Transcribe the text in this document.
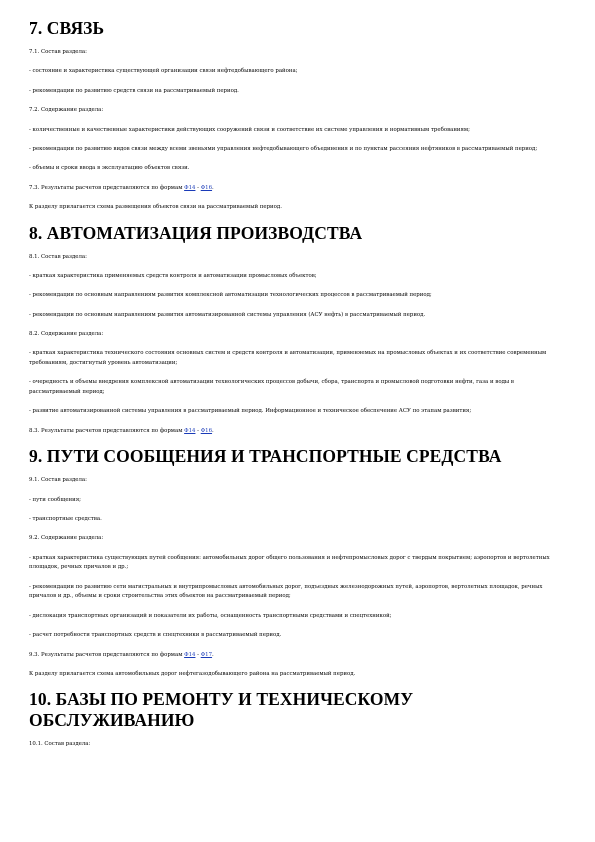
7. СВЯЗЬ
7.1. Состав раздела:
- состояние и характеристика существующей организации связи нефтедобывающего района;
- рекомендации по развитию средств связи на рассматриваемый период.
7.2. Содержание раздела:
- количественные и качественные характеристики действующих сооружений связи и соответствие их системе управления и нормативным требованиям;
- рекомендации по развитию видов связи между всеми звеньями управления нефтедобывающего объединения и по пунктам рассеяния нефтяников в рассматриваемый период;
- объемы и сроки ввода в эксплуатацию объектов связи.
7.3. Результаты расчетов представляются по формам Ф14 - Ф16.
К разделу прилагается схема размещения объектов связи на рассматриваемый период.
8. АВТОМАТИЗАЦИЯ ПРОИЗВОДСТВА
8.1. Состав раздела:
- краткая характеристика применяемых средств контроля и автоматизации промысловых объектов;
- рекомендации по основным направлениям развития комплексной автоматизации технологических процессов в рассматриваемый период;
- рекомендации по основным направлениям развития автоматизированной системы управления (АСУ нефть) в рассматриваемый период.
8.2. Содержание раздела:
- краткая характеристика технического состояния основных систем и средств контроля и автоматизации, применяемых на промысловых объектах и их соответствие современным требованиям, достигнутый уровень автоматизации;
- очередность и объемы внедрения комплексной автоматизации технологических процессов добычи, сбора, транспорта и промысловой подготовки нефти, газа и воды в рассматриваемый период;
- развитие автоматизированной системы управления в рассматриваемый период. Информационное и техническое обеспечение АСУ по этапам развития;
8.3. Результаты расчетов представляются по формам Ф14 - Ф16.
9. ПУТИ СООБЩЕНИЯ И ТРАНСПОРТНЫЕ СРЕДСТВА
9.1. Состав раздела:
- пути сообщения;
- транспортные средства.
9.2. Содержание раздела:
- краткая характеристика существующих путей сообщения: автомобильных дорог общего пользования и нефтепромысловых дорог с твердым покрытием; аэропортов и вертолетных площадок, речных причалов и др.;
- рекомендации по развитию сети магистральных и внутрипромысловых автомобильных дорог, подъездных железнодорожных путей, аэропортов, вертолетных площадок, речных причалов и др., объемы и сроки строительства этих объектов на рассматриваемый период;
- дислокация транспортных организаций и показатели их работы, оснащенность транспортными средствами и спецтехникой;
- расчет потребности транспортных средств и спецтехники в рассматриваемый период.
9.3. Результаты расчетов представляются по формам Ф14 - Ф17.
К разделу прилагается схема автомобильных дорог нефтегазодобывающего района на рассматриваемый период.
10. БАЗЫ ПО РЕМОНТУ И ТЕХНИЧЕСКОМУ ОБСЛУЖИВАНИЮ
10.1. Состав раздела:
